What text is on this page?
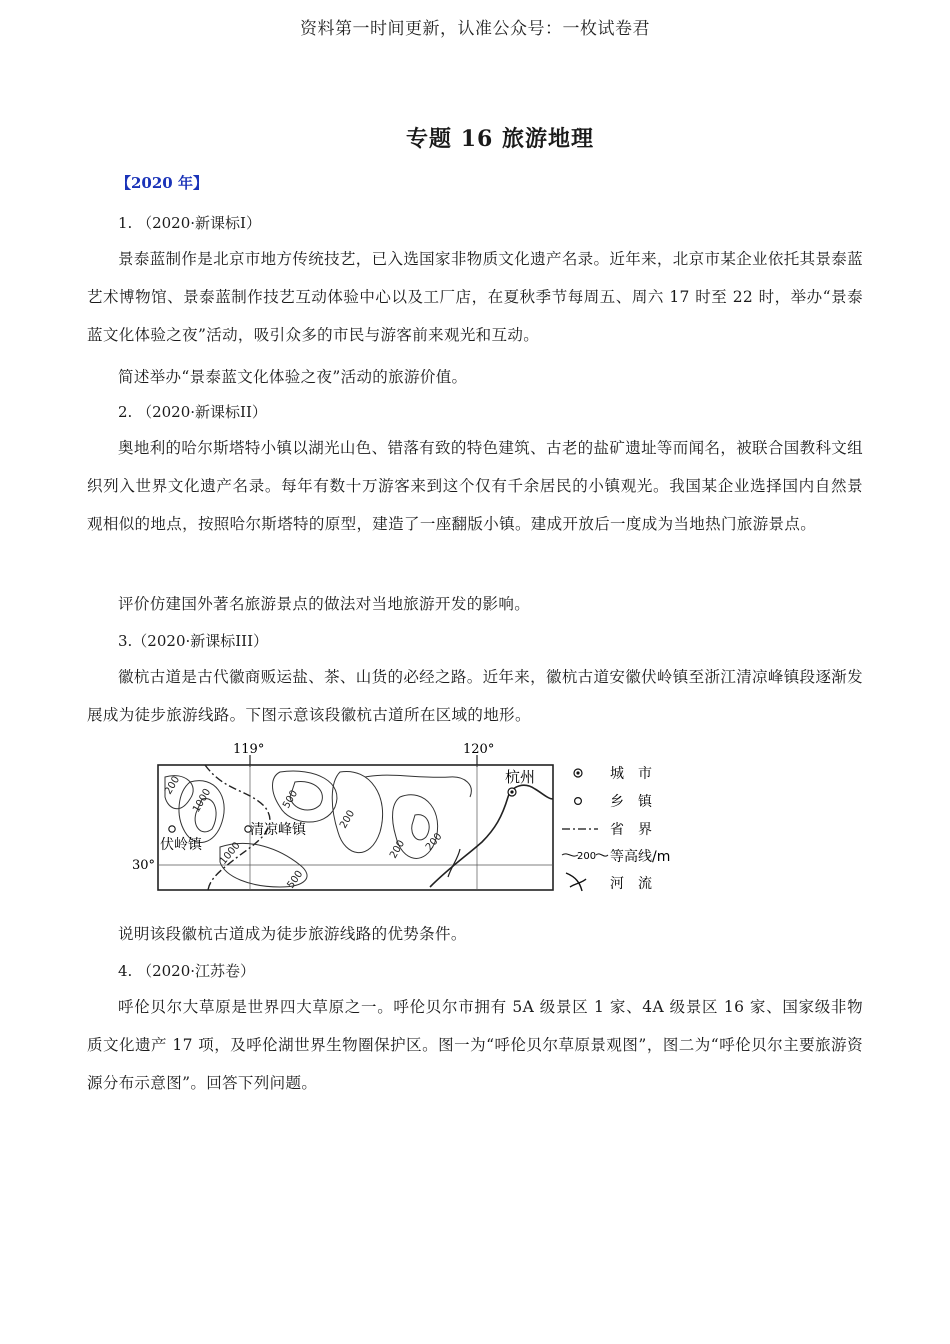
资料第一时间更新，认准公众号：一枚试卷君
专题 16 旅游地理
【2020 年】
1. （2020·新课标I）
景泰蓝制作是北京市地方传统技艺，已入选国家非物质文化遗产名录。近年来，北京市某企业依托其景泰蓝艺术博物馆、景泰蓝制作技艺互动体验中心以及工厂店，在夏秋季节每周五、周六 17 时至 22 时，举办“景泰蓝文化体验之夜”活动，吸引众多的市民与游客前来观光和互动。
简述举办“景泰蓝文化体验之夜”活动的旅游价值。
2. （2020·新课标II）
奥地利的哈尔斯塔特小镇以湖光山色、错落有致的特色建筑、古老的盐矿遗址等而闻名，被联合国教科文组织列入世界文化遗产名录。每年有数十万游客来到这个仅有千余居民的小镇观光。我国某企业选择国内自然景观相似的地点，按照哈尔斯塔特的原型，建造了一座翻版小镇。建成开放后一度成为当地热门旅游景点。
评价仿建国外著名旅游景点的做法对当地旅游开发的影响。
3.（2020·新课标III）
徽杭古道是古代徽商贩运盐、茶、山货的必经之路。近年来，徽杭古道安徽伏岭镇至浙江清凉峰镇段逐渐发展成为徒步旅游线路。下图示意该段徽杭古道所在区域的地形。
119°	120°
30°
200
1000	500
1000
200
200 200
500
杭州
伏岭镇
清凉峰镇
城　市
乡　镇
省　界
200 等高线/m
河　流
说明该段徽杭古道成为徒步旅游线路的优势条件。
4. （2020·江苏卷）
呼伦贝尔大草原是世界四大草原之一。呼伦贝尔市拥有 5A 级景区 1 家、4A 级景区 16 家、国家级非物质文化遗产 17 项，及呼伦湖世界生物圈保护区。图一为“呼伦贝尔草原景观图”，图二为“呼伦贝尔主要旅游资源分布示意图”。回答下列问题。
